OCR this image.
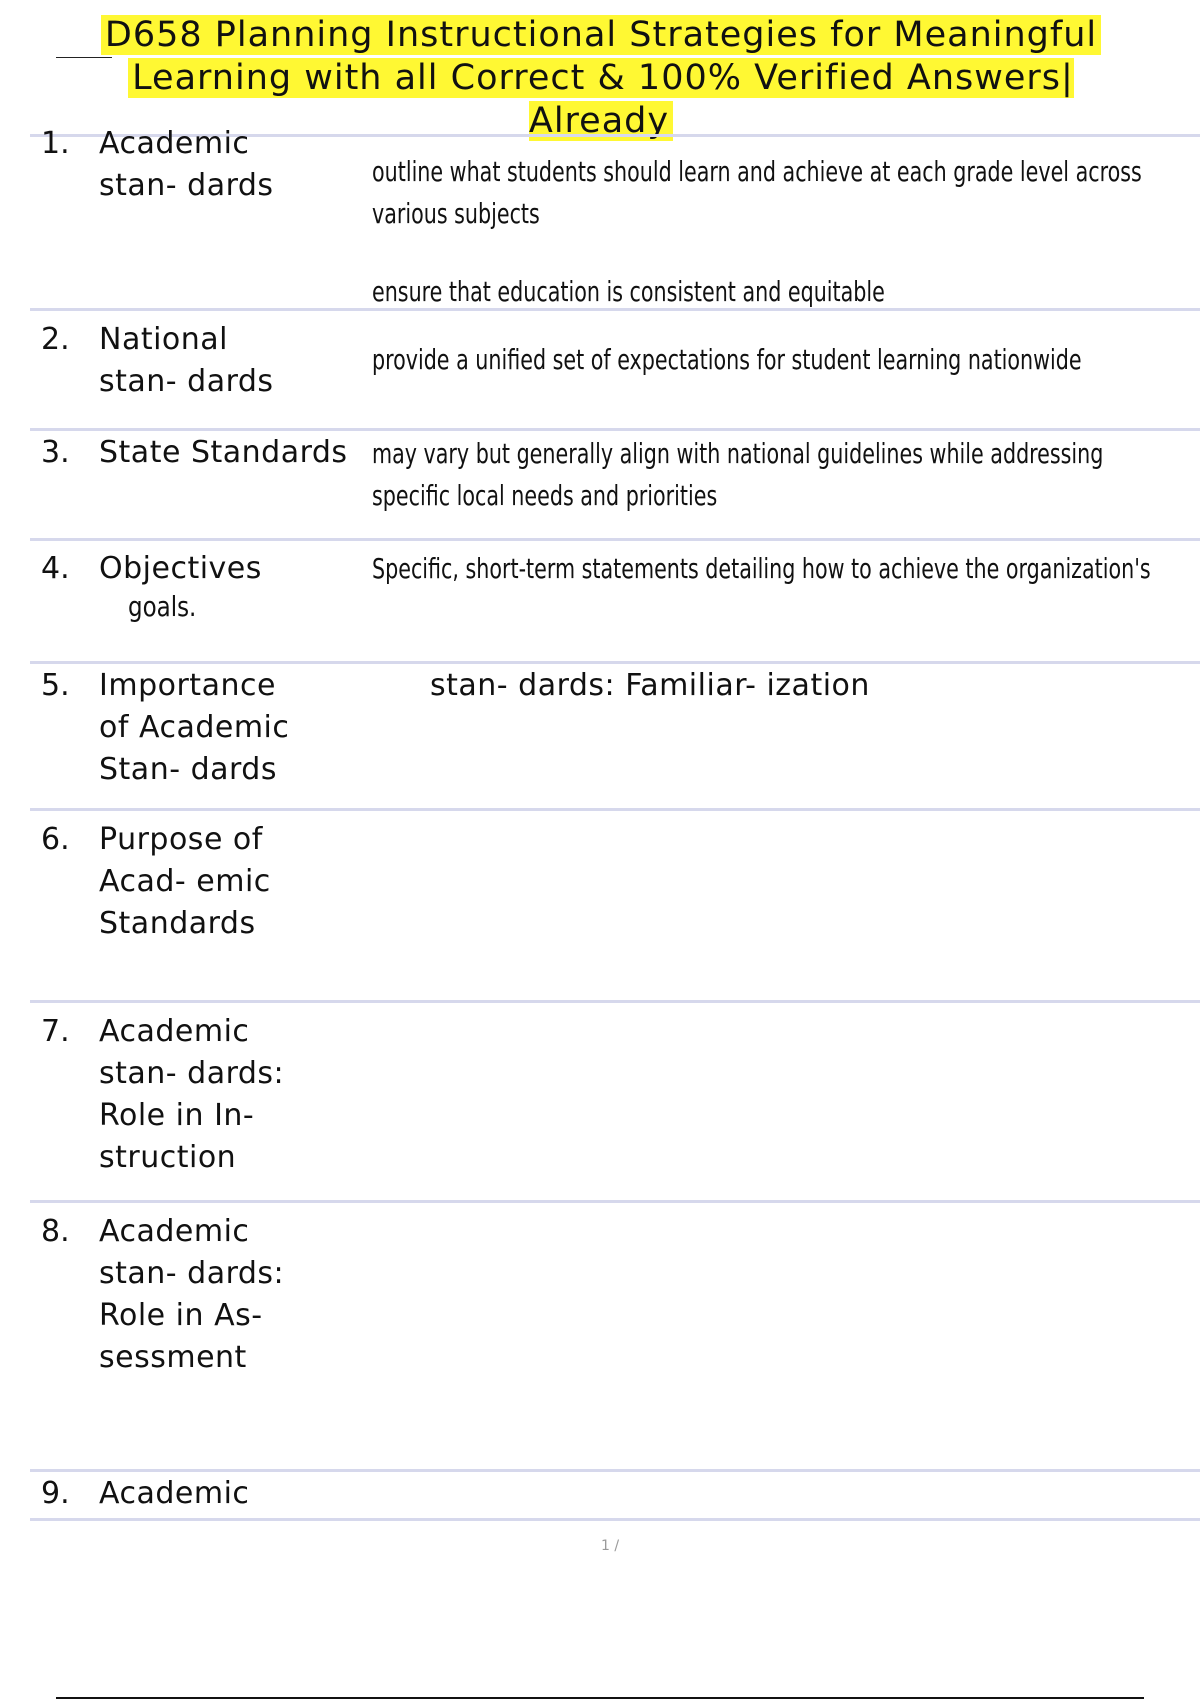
D658 Planning Instructional Strategies for Meaningful
Learning with all Correct & 100% Verified Answers| Already
1. Academic
stan- dards	outline what students should learn and achieve at each grade level across
various subjects
ensure that education is consistent and equitable
2. National
stan- dards
provide a unified set of expectations for student learning nationwide
3. State Standards may vary but generally align with national guidelines while addressing
specific local needs and priorities
4. Objectives	Specific, short-term statements detailing how to achieve the organization's
goals.
5. Importance
of Academic
Stan- dards
stan- dards: Familiar- ization
6. Purpose of
Acad- emic
Standards
7. Academic
stan- dards:
Role in In-
struction
8. Academic
stan- dards:
Role in As-
sessment
9. Academic
1 /
